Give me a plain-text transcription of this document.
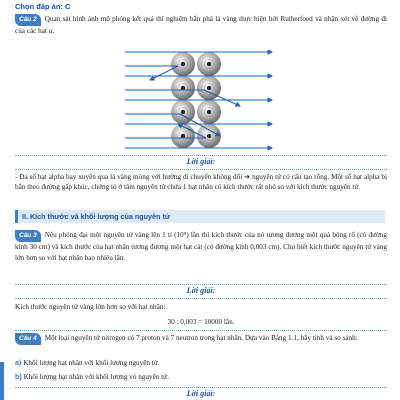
Chọn đáp án: C
Câu 2 Quan sát hình ảnh mô phỏng kết quả thí nghiệm bắn phá lá vàng thực hiện bởi Rutherfoed và nhận xét về đường đi của các hạt α.
Lời giải:
- Đa số hạt alpha bay xuyên qua lá vàng mỏng với hướng di chuyển không đổi ➔ nguyên tử có cấu tạo rỗng. Một số hạt alpha bị bắn theo đường gấp khúc, chứng tỏ ở tâm nguyên tử chứa 1 hạt nhân có kích thước rất nhỏ so với kích thước nguyên tử.
II. Kích thước và khối lượng của nguyên tử
Câu 3 Nếu phóng đại một nguyên tử vàng lên 1 tỉ (10⁹) lần thì kích thước của nó tương đương một quả bóng rổ (có đường kính 30 cm) và kích thước của hạt nhân tương đương một hạt cát (có đường kính 0,003 cm). Cho biết kích thước nguyên tử vàng lớn hơn so với hạt nhân bao nhiêu lần.
Lời giải:
Kích thước nguyên tử vàng lớn hơn so với hạt nhân:
30 : 0,003 = 10000 lần.
Câu 4 Một loại nguyên tử nitrogen có 7 proton và 7 neutron trong hạt nhân. Dựa vào Bảng 1.1, hãy tính và so sánh:
a) Khối lượng hạt nhân với khối lượng nguyên tử.
b) Khối lượng hạt nhân với khối lượng vỏ nguyên tử.
Lời giải:
